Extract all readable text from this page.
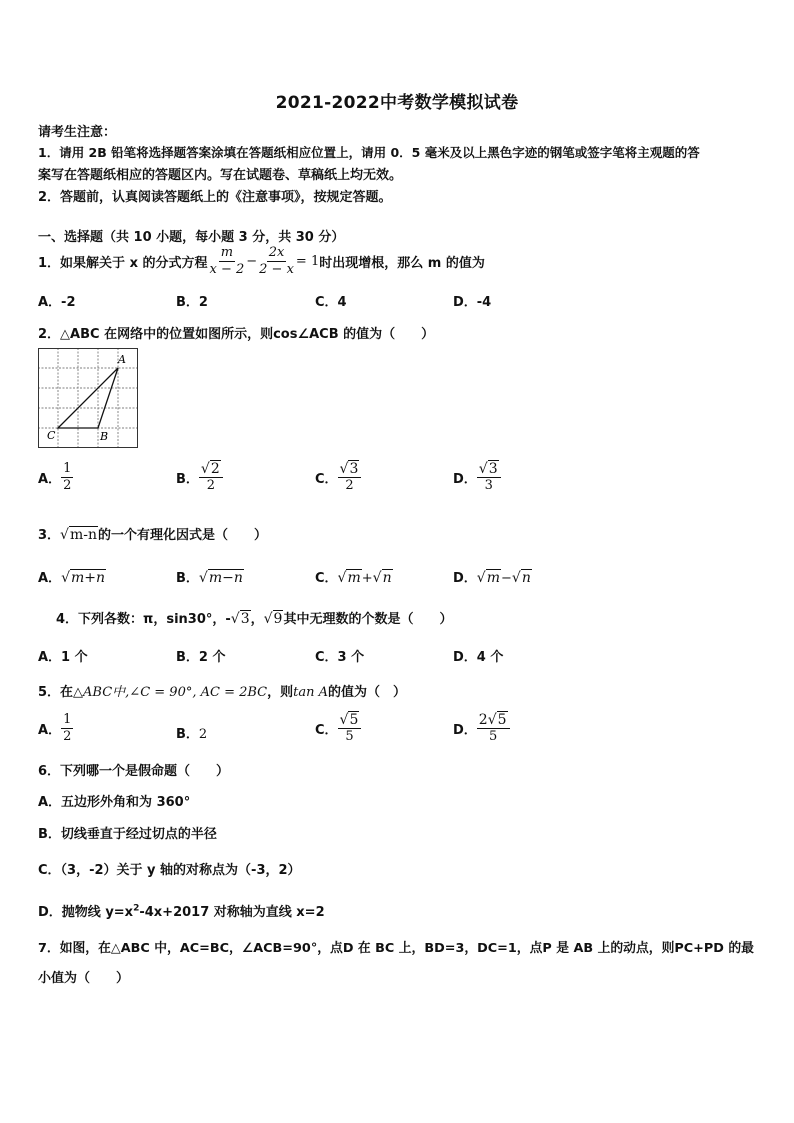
2021-2022中考数学模拟试卷
请考生注意：
1．请用 2B 铅笔将选择题答案涂填在答题纸相应位置上，请用 0．5 毫米及以上黑色字迹的钢笔或签字笔将主观题的答
案写在答题纸相应的答题区内。写在试题卷、草稿纸上均无效。
2．答题前，认真阅读答题纸上的《注意事项》，按规定答题。
一、选择题（共 10 小题，每小题 3 分，共 30 分）
1．如果解关于 x 的分式方程 $\frac{m}{x - 2} - \frac{2x}{2 - x} = 1$ 时出现增根，那么 m 的值为
A．-2	B．2	C．4	D．-4
2．△ABC 在网络中的位置如图所示，则cos∠ACB 的值为（　　）
A
B
C
A． $\frac{1}{2}$	B． $\frac{√2}{2}$	C． $\frac{√3}{2}$	D． $\frac{√3}{3}$
3．√m-n的一个有理化因式是（　　）
A．√m+n	B．√m−n	C．√m+√n	D．√m−√n
4．下列各数：π，sin30°，-√3，√9其中无理数的个数是（　　）
A．1 个	B．2 个	C．3 个	D．4 个
5．在△ABC中,∠C = 90°, AC = 2BC，则tan A的值为（　）
A． $\frac{1}{2}$	B．2	C． $\frac{√5}{5}$	D． $\frac{2√5}{5}$
6．下列哪一个是假命题（　　）
A．五边形外角和为 360°
B．切线垂直于经过切点的半径
C．（3，-2）关于 y 轴的对称点为（-3，2）
D．抛物线 $y=x^2-4x+2017$ 对称轴为直线 x=2
7．如图，在△ABC 中，AC=BC，∠ACB=90°，点D 在 BC 上，BD=3，DC=1，点P 是 AB 上的动点，则PC+PD 的最
小值为（　　）
